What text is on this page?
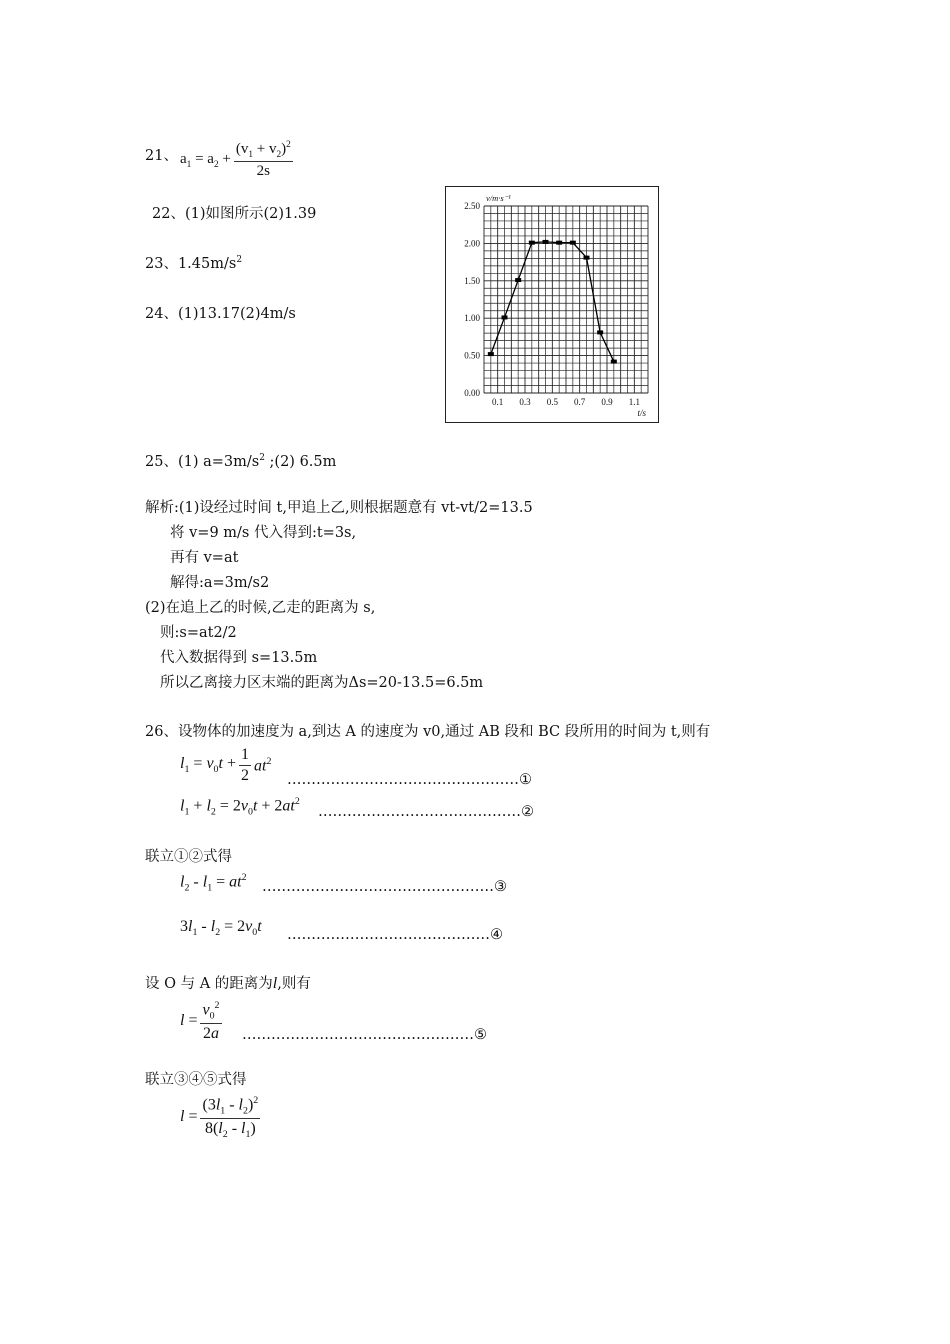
21、 $a_1 = a_2 + \frac{(v_1 + v_2)^2}{2s}$
22、(1)如图所示(2)1.39
23、$1.45m/s^2$
24、(1)13.17(2)4m/s
0.00
0.50
1.00
1.50
2.00
2.50
0.1 0.3 0.5 0.7 0.9 1.1
v/m·s⁻¹
t/s
25、(1) $a=3m/s^2$ ;(2) 6.5m
解析:(1)设经过时间 t,甲追上乙,则根据题意有 vt-vt/2=13.5
将 v=9 m/s 代入得到:t=3s,
再有 v=at
解得:a=3m/s2
(2)在追上乙的时候,乙走的距离为 s,
则:s=at2/2
代入数据得到 s=13.5m
所以乙离接力区末端的距离为Δs=20-13.5=6.5m
26、设物体的加速度为 a,到达 A 的速度为 v0,通过 AB 段和 BC 段所用的时间为 t,则有
$l_1 = v_0t + \frac{1}{2} at^2$
…………………………………………①
$l_1 + l_2 = 2v_0t + 2at^2$
……………………………………②
联立①②式得
$l_2 - l_1 = at^2$
…………………………………………③
$3l_1 - l_2 = 2v_0t$ ……………………………………④
设 O 与 A 的距离为l,则有
$l = \frac{v_0^2}{2a}$ …………………………………………⑤
联立③④⑤式得
$l = \frac{(3l_1 - l_2)^2}{8(l_2 - l_1)}$
